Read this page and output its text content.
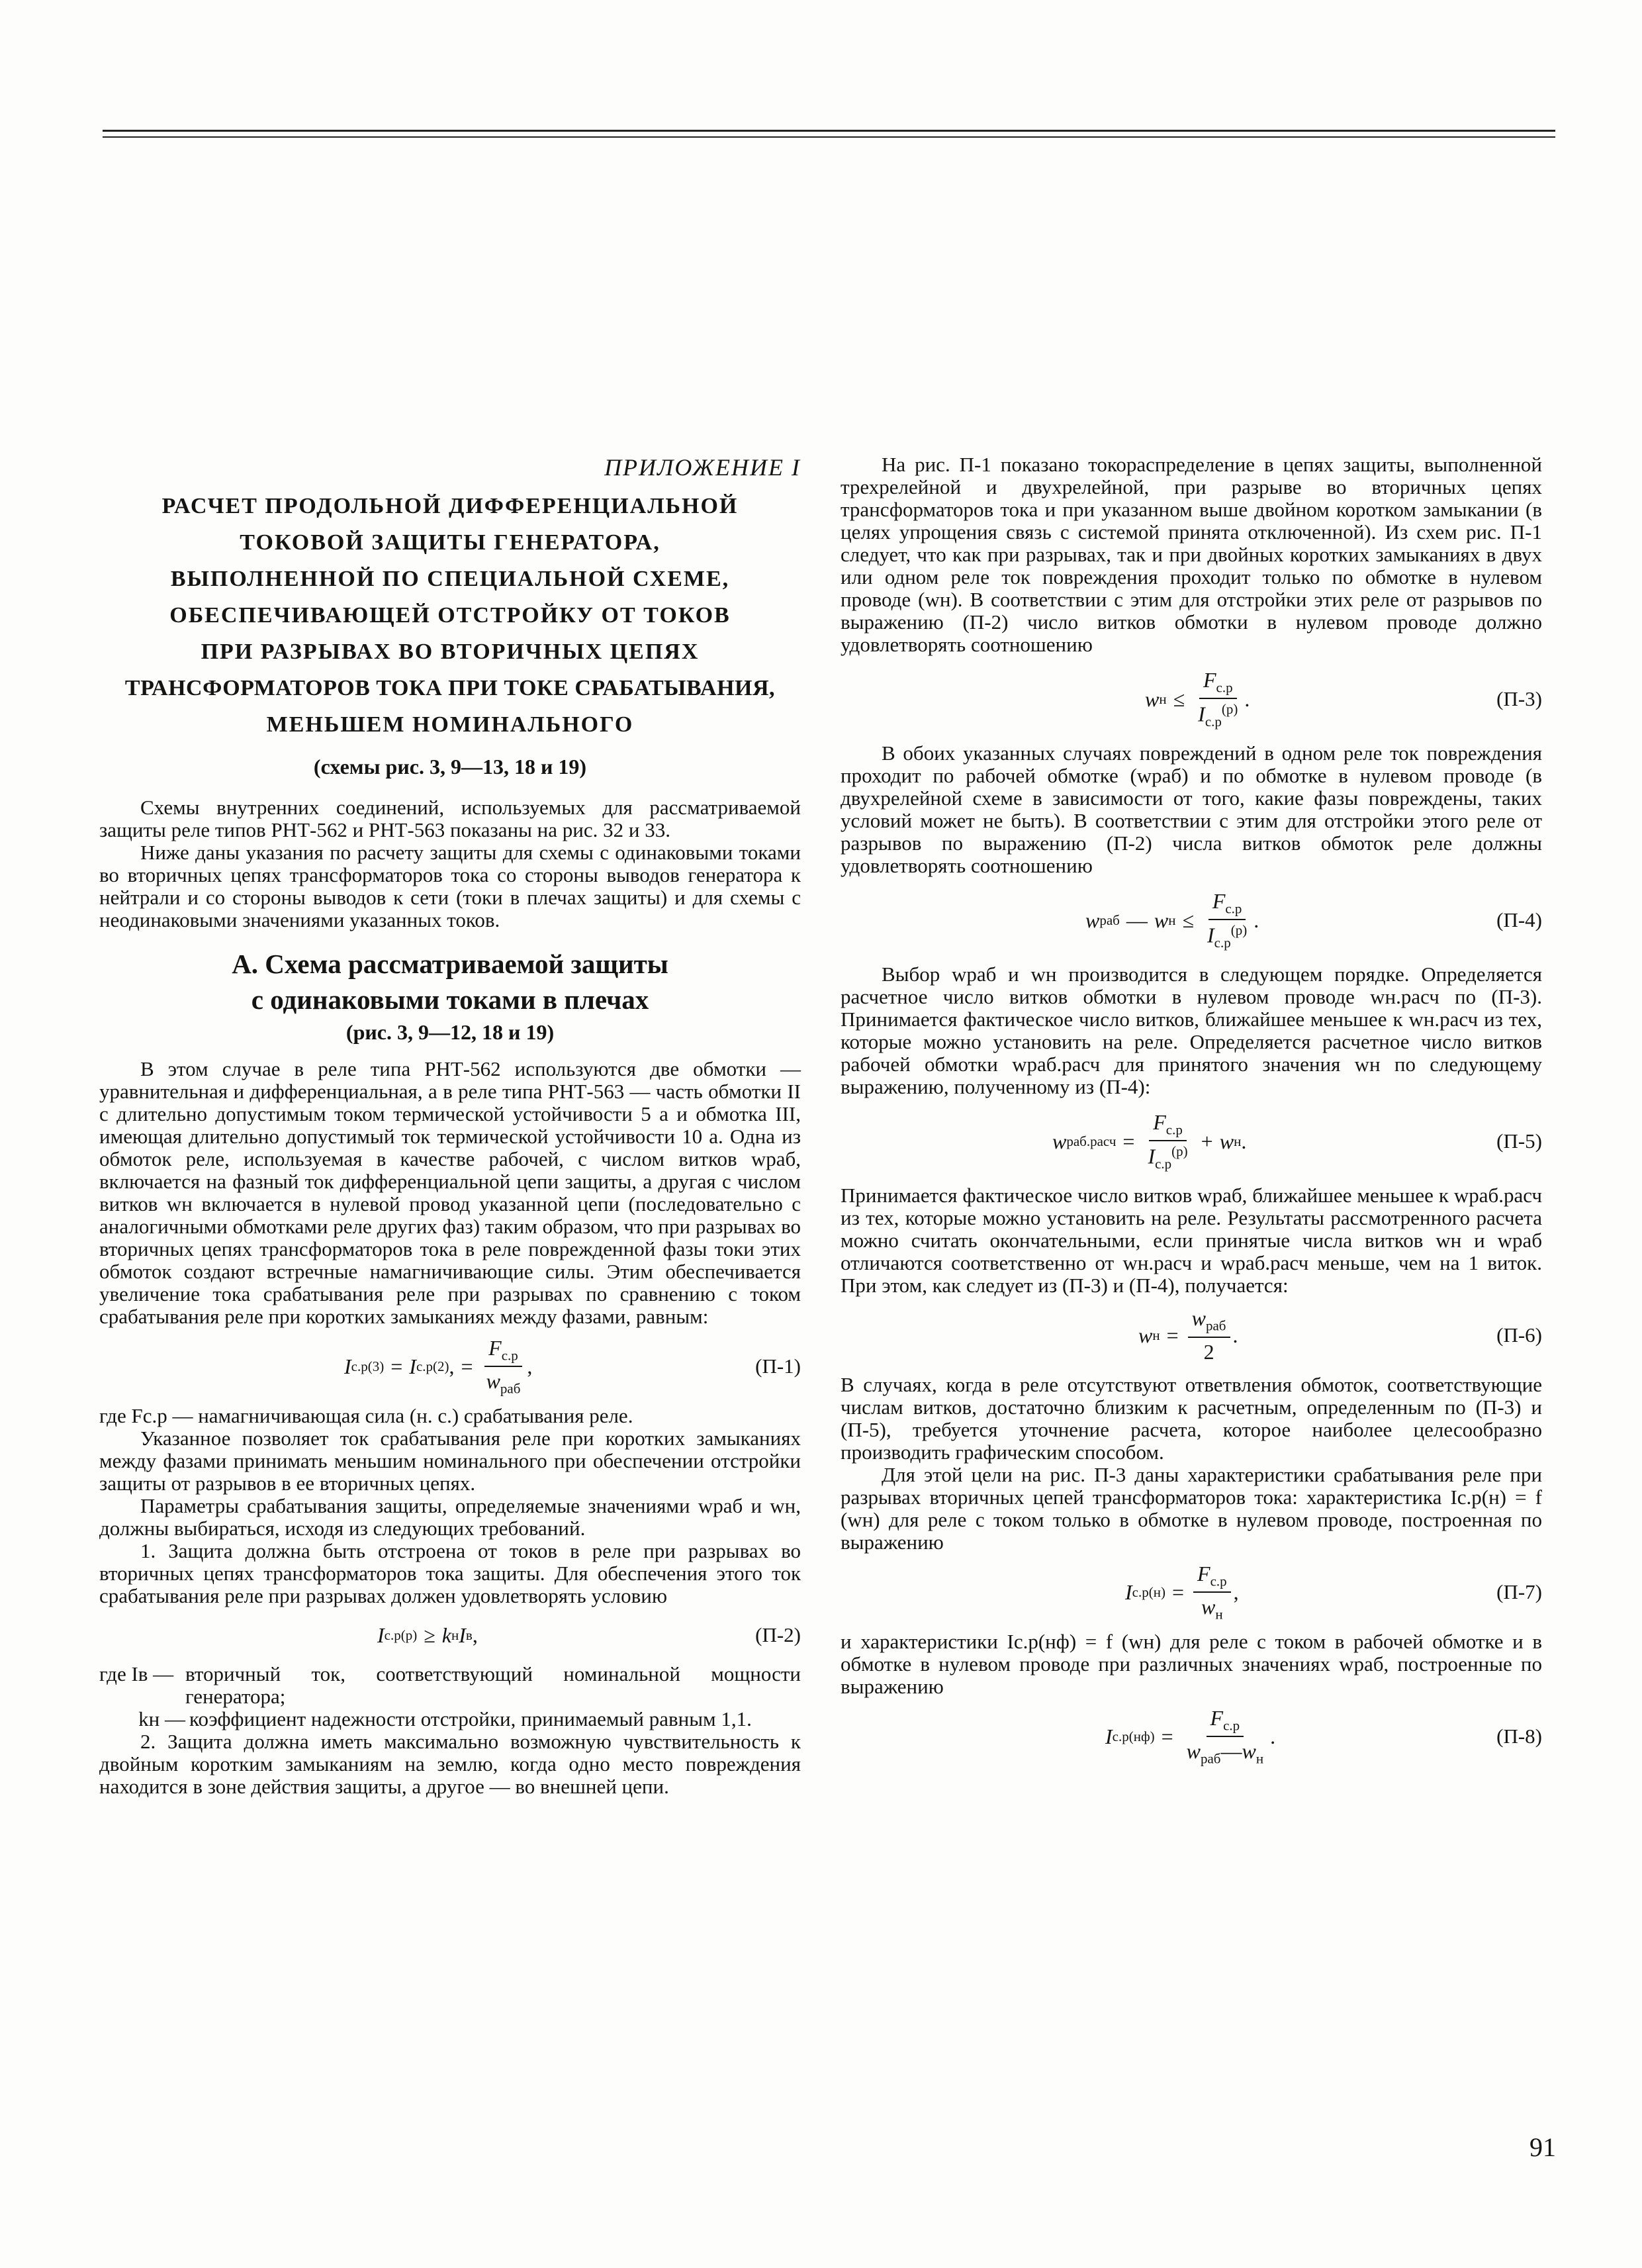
ПРИЛОЖЕНИЕ I
РАСЧЕТ ПРОДОЛЬНОЙ ДИФФЕРЕНЦИАЛЬНОЙ
ТОКОВОЙ ЗАЩИТЫ ГЕНЕРАТОРА,
ВЫПОЛНЕННОЙ ПО СПЕЦИАЛЬНОЙ СХЕМЕ,
ОБЕСПЕЧИВАЮЩЕЙ ОТСТРОЙКУ ОТ ТОКОВ
ПРИ РАЗРЫВАХ ВО ВТОРИЧНЫХ ЦЕПЯХ
ТРАНСФОРМАТОРОВ ТОКА ПРИ ТОКЕ СРАБАТЫВАНИЯ,
МЕНЬШЕМ НОМИНАЛЬНОГО
(схемы рис. 3, 9—13, 18 и 19)

Схемы внутренних соединений, используемых для рассматриваемой защиты реле типов РНТ-562 и РНТ-563 показаны на рис. 32 и 33.

Ниже даны указания по расчету защиты для схемы с одинаковыми токами во вторичных цепях трансформаторов тока со стороны выводов генератора к нейтрали и со стороны выводов к сети (токи в плечах защиты) и для схемы с неодинаковыми значениями указанных токов.

А. Схема рассматриваемой защиты
с одинаковыми токами в плечах
(рис. 3, 9—12, 18 и 19)

В этом случае в реле типа РНТ-562 используются две обмотки — уравнительная и дифференциальная, а в реле типа РНТ-563 — часть обмотки II с длительно допустимым током термической устойчивости 5 а и обмотка III, имеющая длительно допустимый ток термической устойчивости 10 а. Одна из обмоток реле, используемая в качестве рабочей, с числом витков wраб, включается на фазный ток дифференциальной цепи защиты, а другая с числом витков wн включается в нулевой провод указанной цепи (последовательно с аналогичными обмотками реле других фаз) таким образом, что при разрывах во вторичных цепях трансформаторов тока в реле поврежденной фазы токи этих обмоток создают встречные намагничивающие силы. Этим обеспечивается увеличение тока срабатывания реле при разрывах по сравнению с током срабатывания реле при коротких замыканиях между фазами, равным:

I с.р (3) = I с.р (2) , = $\frac{F_{с.р}}{w_{раб}}$ ,	(П-1)

где Fс.р — намагничивающая сила (н. с.) срабатывания реле.

Указанное позволяет ток срабатывания реле при коротких замыканиях между фазами принимать меньшим номинального при обеспечении отстройки защиты от разрывов в ее вторичных цепях.

Параметры срабатывания защиты, определяемые значениями wраб и wн, должны выбираться, исходя из следующих требований.

1. Защита должна быть отстроена от токов в реле при разрывах во вторичных цепях трансформаторов тока защиты. Для обеспечения этого ток срабатывания реле при разрывах должен удовлетворять условию

I с.р (р) ≥ k н I в ,	(П-2)
где Iв — вторичный ток, соответствующий номинальной мощности генератора;
kн — коэффициент надежности отстройки, принимаемый равным 1,1.

2. Защита должна иметь максимально возможную чувствительность к двойным коротким замыканиям на землю, когда одно место повреждения находится в зоне действия защиты, а другое — во внешней цепи.

На рис. П-1 показано токораспределение в цепях защиты, выполненной трехрелейной и двухрелейной, при разрыве во вторичных цепях трансформаторов тока и при указанном выше двойном коротком замыкании (в целях упрощения связь с системой принята отключенной). Из схем рис. П-1 следует, что как при разрывах, так и при двойных коротких замыканиях в двух или одном реле ток повреждения проходит только по обмотке в нулевом проводе (wн). В соответствии с этим для отстройки этих реле от разрывов по выражению (П-2) число витков обмотки в нулевом проводе должно удовлетворять соотношению

w $н \le \frac{F_{с.р}}{I_{с.р}^{(р)}}$ .	(П-3)

В обоих указанных случаях повреждений в одном реле ток повреждения проходит по рабочей обмотке (wраб) и по обмотке в нулевом проводе (в двухрелейной схеме в зависимости от того, какие фазы повреждены, таких условий может не быть). В соответствии с этим для отстройки этого реле от разрывов по выражению (П-2) числа витков обмоток реле должны удовлетворять соотношению

w раб — w $н \le \frac{F_{с.р}}{I_{с.р}^{(р)}}$ .	(П-4)

Выбор wраб и wн производится в следующем порядке. Определяется расчетное число витков обмотки в нулевом проводе wн.расч по (П-3). Принимается фактическое число витков, ближайшее меньшее к wн.расч из тех, которые можно установить на реле. Определяется расчетное число витков рабочей обмотки wраб.расч для принятого значения wн по следующему выражению, полученному из (П-4):

w раб.расч = $\frac{F_{с.р}}{I_{с.р}^{(р)}} + w$ н .	(П-5)

Принимается фактическое число витков wраб, ближайшее меньшее к wраб.расч из тех, которые можно установить на реле. Результаты рассмотренного расчета можно считать окончательными, если принятые числа витков wн и wраб отличаются соответственно от wн.расч и wраб.расч меньше, чем на 1 виток. При этом, как следует из (П-3) и (П-4), получается:

w $н = \frac{w_{раб}}{2}$ .	(П-6)

В случаях, когда в реле отсутствуют ответвления обмоток, соответствующие числам витков, достаточно близким к расчетным, определенным по (П-3) и (П-5), требуется уточнение расчета, которое наиболее целесообразно производить графическим способом.

Для этой цели на рис. П-3 даны характеристики срабатывания реле при разрывах вторичных цепей трансформаторов тока: характеристика Iс.р(н) = f (wн) для реле с током только в обмотке в нулевом проводе, построенная по выражению

I с.р $(н) = \frac{F_{с.р}}{w_н}$ ,	(П-7)

и характеристики Iс.р(нф) = f (wн) для реле с током в рабочей обмотке и в обмотке в нулевом проводе при различных значениях wраб, построенные по выражению

I с.р $(нф) = \frac{F_{с.р}}{w_{раб}—w_н}$ .	(П-8)
91
